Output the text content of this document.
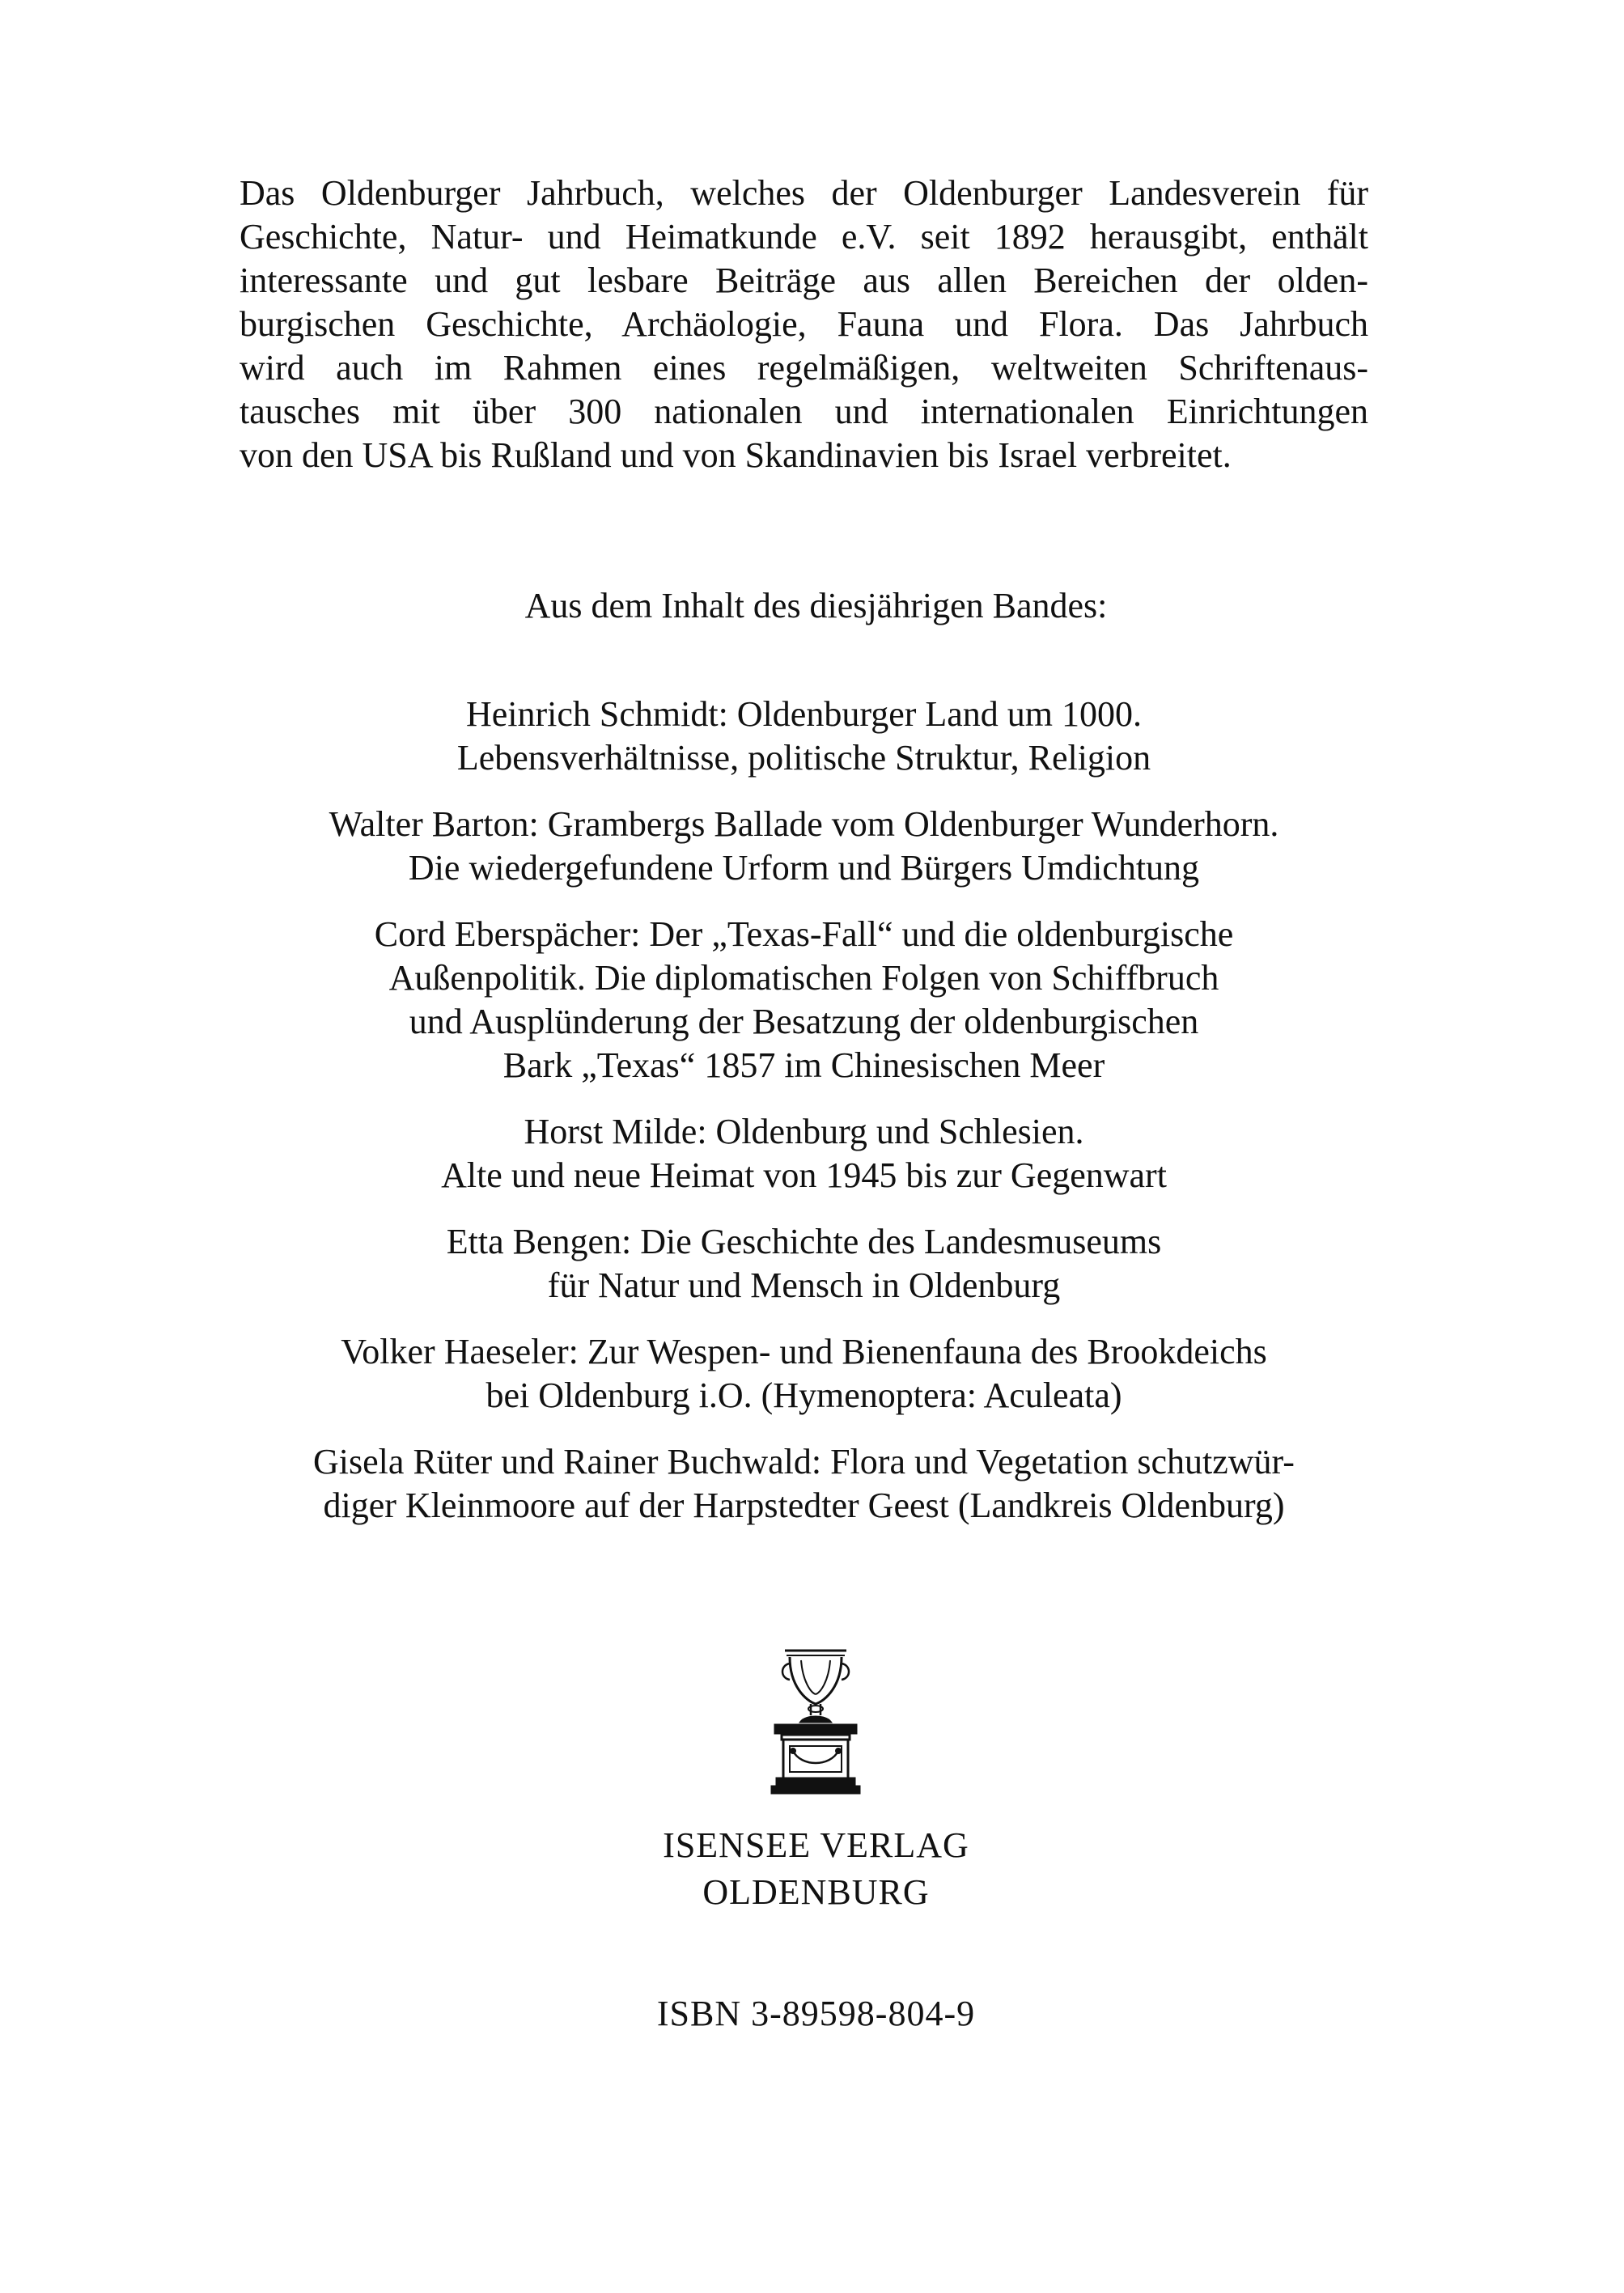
Das Oldenburger Jahrbuch, welches der Oldenburger Landesverein für
Geschichte, Natur- und Heimatkunde e.V. seit 1892 herausgibt, enthält
interessante und gut lesbare Beiträge aus allen Bereichen der olden-
burgischen Geschichte, Archäologie, Fauna und Flora. Das Jahrbuch
wird auch im Rahmen eines regelmäßigen, weltweiten Schriftenaus-
tausches mit über 300 nationalen und internationalen Einrichtungen
von den USA bis Rußland und von Skandinavien bis Israel verbreitet.

Aus dem Inhalt des diesjährigen Bandes:

Heinrich Schmidt: Oldenburger Land um 1000.
Lebensverhältnisse, politische Struktur, Religion
Walter Barton: Grambergs Ballade vom Oldenburger Wunderhorn.
Die wiedergefundene Urform und Bürgers Umdichtung
Cord Eberspächer: Der „Texas-Fall“ und die oldenburgische
Außenpolitik. Die diplomatischen Folgen von Schiffbruch
und Ausplünderung der Besatzung der oldenburgischen
Bark „Texas“ 1857 im Chinesischen Meer
Horst Milde: Oldenburg und Schlesien.
Alte und neue Heimat von 1945 bis zur Gegenwart
Etta Bengen: Die Geschichte des Landesmuseums
für Natur und Mensch in Oldenburg
Volker Haeseler: Zur Wespen- und Bienenfauna des Brookdeichs
bei Oldenburg i.O. (Hymenoptera: Aculeata)
Gisela Rüter und Rainer Buchwald: Flora und Vegetation schutzwür-
diger Kleinmoore auf der Harpstedter Geest (Landkreis Oldenburg)
ISENSEE VERLAG
OLDENBURG
ISBN 3-89598-804-9
